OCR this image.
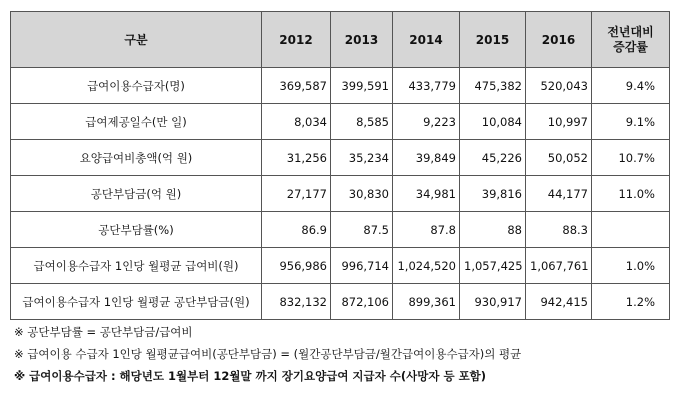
구분	2012	2013	2014	2015	2016	전년대비
증감률

급여이용수급자(명)	369,587	399,591	433,779	475,382	520,043	9.4%
급여제공일수(만 일)	8,034	8,585	9,223	10,084	10,997	9.1%
요양급여비총액(억 원)	31,256	35,234	39,849	45,226	50,052	10.7%
공단부담금(억 원)	27,177	30,830	34,981	39,816	44,177	11.0%
공단부담률(%)	86.9	87.5	87.8	88	88.3	
급여이용수급자 1인당 월평균 급여비(원)	956,986	996,714	1,024,520	1,057,425	1,067,761	1.0%
급여이용수급자 1인당 월평균 공단부담금(원)	832,132	872,106	899,361	930,917	942,415	1.2%
※ 공단부담률 = 공단부담금/급여비
※ 급여이용 수급자 1인당 월평균급여비(공단부담금) = (월간공단부담금/월간급여이용수급자)의 평균
※ 급여이용수급자 : 해당년도 1월부터 12월말 까지 장기요양급여 지급자 수(사망자 등 포함)
